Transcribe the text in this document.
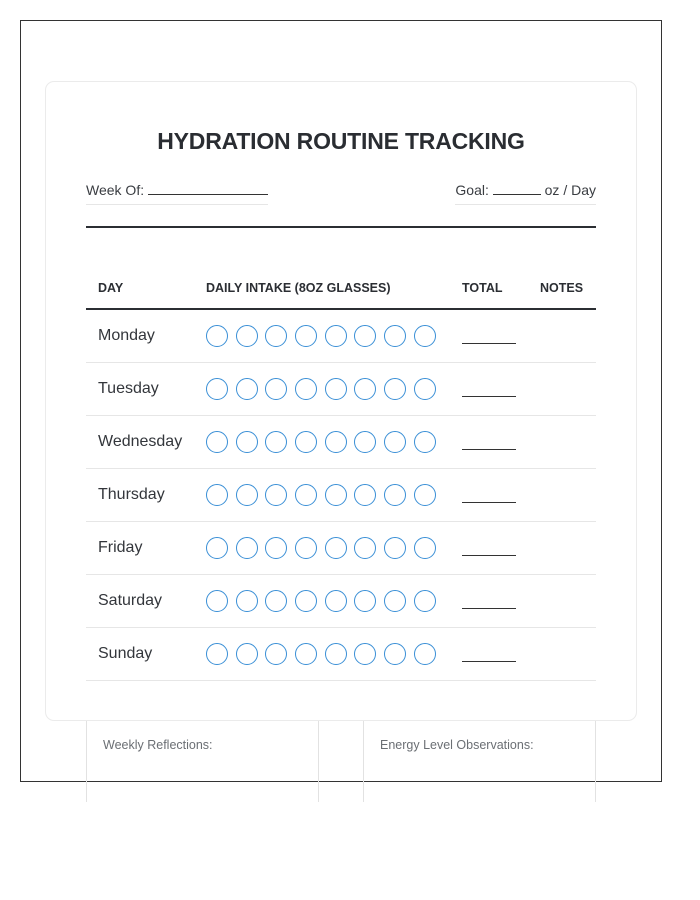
Weekly Reflections:	Energy Level Observations:
HYDRATION ROUTINE TRACKING
Week Of:	Goal:	oz / Day
DAY	DAILY INTAKE (8OZ GLASSES)	TOTAL	NOTES
Monday
Tuesday
Wednesday
Thursday
Friday
Saturday
Sunday
